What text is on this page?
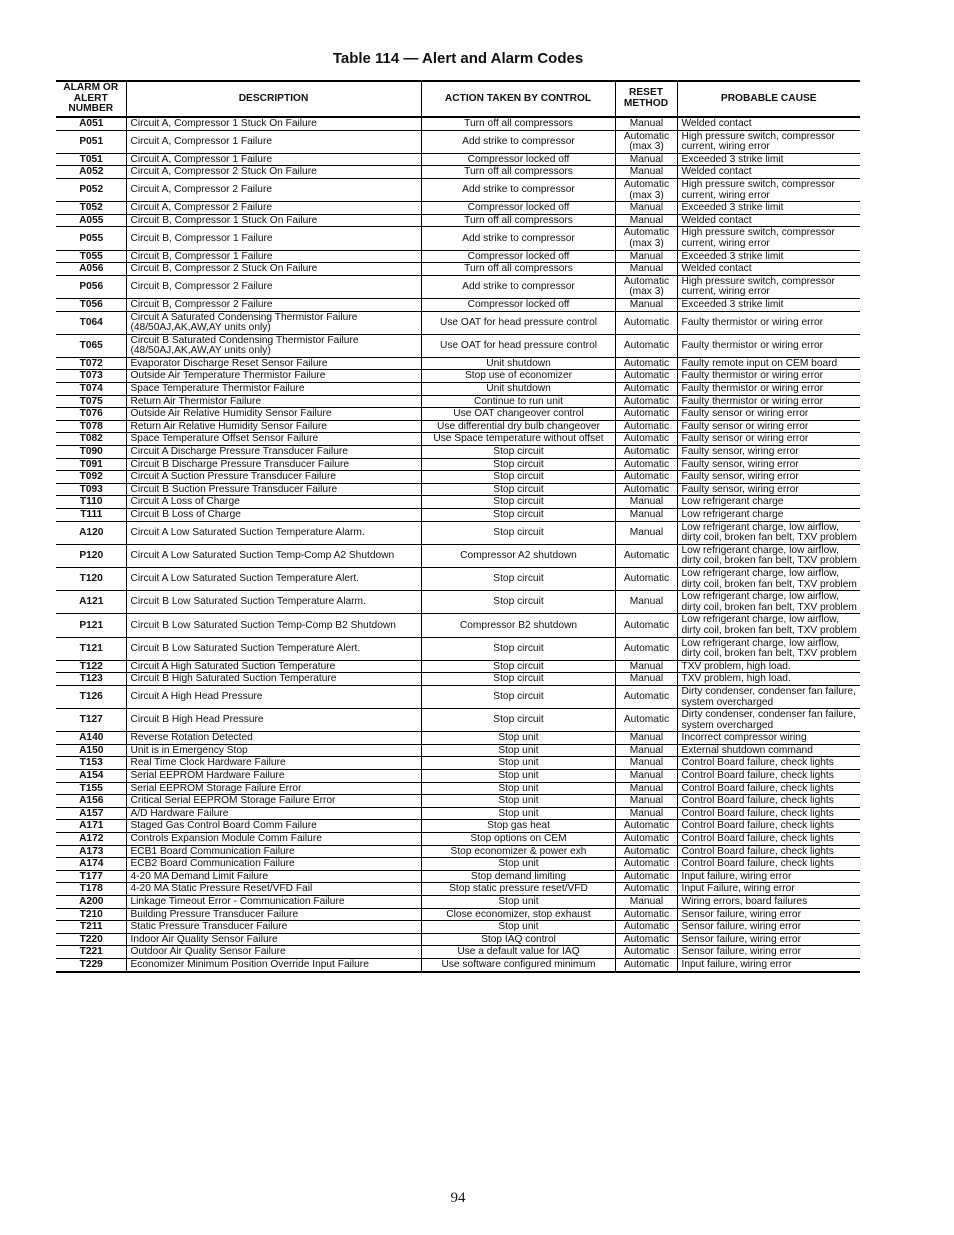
Table 114 — Alert and Alarm Codes
ALARM OR ALERT NUMBER	DESCRIPTION	ACTION TAKEN BY CONTROL	RESET METHOD	PROBABLE CAUSE
A051	Circuit A, Compressor 1 Stuck On Failure	Turn off all compressors	Manual	Welded contact
P051	Circuit A, Compressor 1 Failure	Add strike to compressor	Automatic (max 3)	High pressure switch, compressor current, wiring error
T051	Circuit A, Compressor 1 Failure	Compressor locked off	Manual	Exceeded 3 strike limit
A052	Circuit A, Compressor 2 Stuck On Failure	Turn off all compressors	Manual	Welded contact
P052	Circuit A, Compressor 2 Failure	Add strike to compressor	Automatic (max 3)	High pressure switch, compressor current, wiring error
T052	Circuit A, Compressor 2 Failure	Compressor locked off	Manual	Exceeded 3 strike limit
A055	Circuit B, Compressor 1 Stuck On Failure	Turn off all compressors	Manual	Welded contact
P055	Circuit B, Compressor 1 Failure	Add strike to compressor	Automatic (max 3)	High pressure switch, compressor current, wiring error
T055	Circuit B, Compressor 1 Failure	Compressor locked off	Manual	Exceeded 3 strike limit
A056	Circuit B, Compressor 2 Stuck On Failure	Turn off all compressors	Manual	Welded contact
P056	Circuit B, Compressor 2 Failure	Add strike to compressor	Automatic (max 3)	High pressure switch, compressor current, wiring error
T056	Circuit B, Compressor 2 Failure	Compressor locked off	Manual	Exceeded 3 strike limit
T064	Circuit A Saturated Condensing Thermistor Failure (48/50AJ,AK,AW,AY units only)	Use OAT for head pressure control	Automatic	Faulty thermistor or wiring error
T065	Circuit B Saturated Condensing Thermistor Failure (48/50AJ,AK,AW,AY units only)	Use OAT for head pressure control	Automatic	Faulty thermistor or wiring error
T072	Evaporator Discharge Reset Sensor Failure	Unit shutdown	Automatic	Faulty remote input on CEM board
T073	Outside Air Temperature Thermistor Failure	Stop use of economizer	Automatic	Faulty thermistor or wiring error
T074	Space Temperature Thermistor Failure	Unit shutdown	Automatic	Faulty thermistor or wiring error
T075	Return Air Thermistor Failure	Continue to run unit	Automatic	Faulty thermistor or wiring error
T076	Outside Air Relative Humidity Sensor Failure	Use OAT changeover control	Automatic	Faulty sensor or wiring error
T078	Return Air Relative Humidity Sensor Failure	Use differential dry bulb changeover	Automatic	Faulty sensor or wiring error
T082	Space Temperature Offset Sensor Failure	Use Space temperature without offset	Automatic	Faulty sensor or wiring error
T090	Circuit A Discharge Pressure Transducer Failure	Stop circuit	Automatic	Faulty sensor, wiring error
T091	Circuit B Discharge Pressure Transducer Failure	Stop circuit	Automatic	Faulty sensor, wiring error
T092	Circuit A Suction Pressure Transducer Failure	Stop circuit	Automatic	Faulty sensor, wiring error
T093	Circuit B Suction Pressure Transducer Failure	Stop circuit	Automatic	Faulty sensor, wiring error
T110	Circuit A Loss of Charge	Stop circuit	Manual	Low refrigerant charge
T111	Circuit B Loss of Charge	Stop circuit	Manual	Low refrigerant charge
A120	Circuit A Low Saturated Suction Temperature Alarm.	Stop circuit	Manual	Low refrigerant charge, low airflow, dirty coil, broken fan belt, TXV problem
P120	Circuit A Low Saturated Suction Temp-Comp A2 Shutdown	Compressor A2 shutdown	Automatic	Low refrigerant charge, low airflow, dirty coil, broken fan belt, TXV problem
T120	Circuit A Low Saturated Suction Temperature Alert.	Stop circuit	Automatic	Low refrigerant charge, low airflow, dirty coil, broken fan belt, TXV problem
A121	Circuit B Low Saturated Suction Temperature Alarm.	Stop circuit	Manual	Low refrigerant charge, low airflow, dirty coil, broken fan belt, TXV problem
P121	Circuit B Low Saturated Suction Temp-Comp B2 Shutdown	Compressor B2 shutdown	Automatic	Low refrigerant charge, low airflow, dirty coil, broken fan belt, TXV problem
T121	Circuit B Low Saturated Suction Temperature Alert.	Stop circuit	Automatic	Low refrigerant charge, low airflow, dirty coil, broken fan belt, TXV problem
T122	Circuit A High Saturated Suction Temperature	Stop circuit	Manual	TXV problem, high load.
T123	Circuit B High Saturated Suction Temperature	Stop circuit	Manual	TXV problem, high load.
T126	Circuit A High Head Pressure	Stop circuit	Automatic	Dirty condenser, condenser fan failure, system overcharged
T127	Circuit B High Head Pressure	Stop circuit	Automatic	Dirty condenser, condenser fan failure, system overcharged
A140	Reverse Rotation Detected	Stop unit	Manual	Incorrect compressor wiring
A150	Unit is in Emergency Stop	Stop unit	Manual	External shutdown command
T153	Real Time Clock Hardware Failure	Stop unit	Manual	Control Board failure, check lights
A154	Serial EEPROM Hardware Failure	Stop unit	Manual	Control Board failure, check lights
T155	Serial EEPROM Storage Failure Error	Stop unit	Manual	Control Board failure, check lights
A156	Critical Serial EEPROM Storage Failure Error	Stop unit	Manual	Control Board failure, check lights
A157	A/D Hardware Failure	Stop unit	Manual	Control Board failure, check lights
A171	Staged Gas Control Board Comm Failure	Stop gas heat	Automatic	Control Board failure, check lights
A172	Controls Expansion Module Comm Failure	Stop options on CEM	Automatic	Control Board failure, check lights
A173	ECB1 Board Communication Failure	Stop economizer & power exh	Automatic	Control Board failure, check lights
A174	ECB2 Board Communication Failure	Stop unit	Automatic	Control Board failure, check lights
T177	4-20 MA Demand Limit Failure	Stop demand limiting	Automatic	Input failure, wiring error
T178	4-20 MA Static Pressure Reset/VFD Fail	Stop static pressure reset/VFD	Automatic	Input Failure, wiring error
A200	Linkage Timeout Error - Communication Failure	Stop unit	Manual	Wiring errors, board failures
T210	Building Pressure Transducer Failure	Close economizer, stop exhaust	Automatic	Sensor failure, wiring error
T211	Static Pressure Transducer Failure	Stop unit	Automatic	Sensor failure, wiring error
T220	Indoor Air Quality Sensor Failure	Stop IAQ control	Automatic	Sensor failure, wiring error
T221	Outdoor Air Quality Sensor Failure	Use a default value for IAQ	Automatic	Sensor failure, wiring error
T229	Economizer Minimum Position Override Input Failure	Use software configured minimum	Automatic	Input failure, wiring error
94
